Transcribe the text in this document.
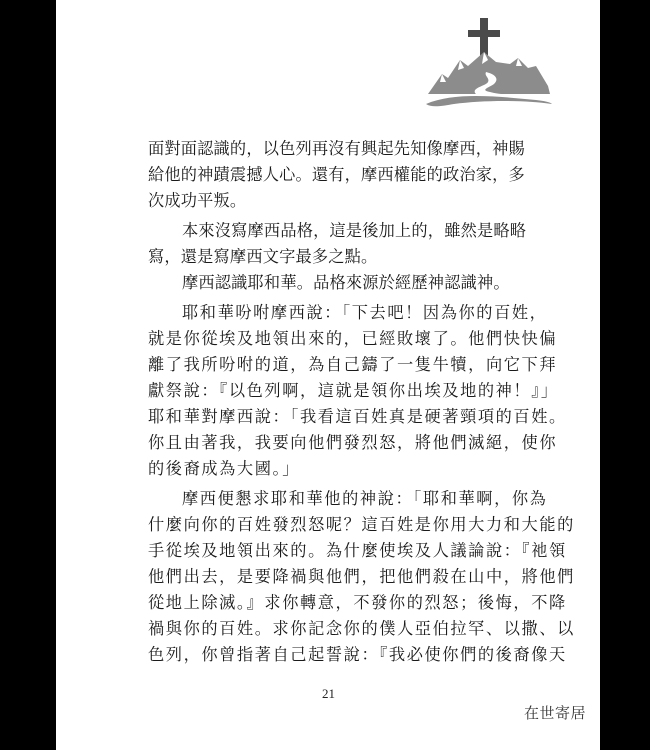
面對面認識的，以色列再沒有興起先知像摩西，神賜
給他的神蹟震撼人心。還有，摩西權能的政治家，多
次成功平叛。
本來沒寫摩西品格，這是後加上的，雖然是略略
寫，還是寫摩西文字最多之點。
摩西認識耶和華。品格來源於經歷神認識神。
耶和華吩咐摩西說：「下去吧！因為你的百姓，
就是你從埃及地領出來的，已經敗壞了。他們快快偏
離了我所吩咐的道，為自己鑄了一隻牛犢，向它下拜
獻祭說：『以色列啊，這就是領你出埃及地的神！』」
耶和華對摩西說：「我看這百姓真是硬著頸項的百姓。
你且由著我，我要向他們發烈怒，將他們滅絕，使你
的後裔成為大國。」
摩西便懇求耶和華他的神說：「耶和華啊，你為
什麼向你的百姓發烈怒呢？這百姓是你用大力和大能的
手從埃及地領出來的。為什麼使埃及人議論說：『祂領
他們出去，是要降禍與他們，把他們殺在山中，將他們
從地上除滅。』求你轉意，不發你的烈怒；後悔，不降
禍與你的百姓。求你記念你的僕人亞伯拉罕、以撒、以
色列，你曾指著自己起誓說：『我必使你們的後裔像天
21
在世寄居
